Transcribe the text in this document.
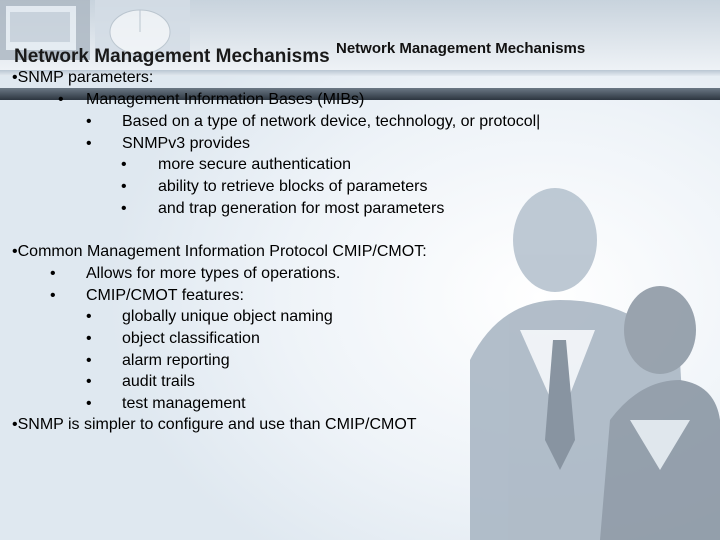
Network Management Mechanisms Network Management Mechanisms
•SNMP parameters:
• Management Information Bases (MIBs)
• Based on a type of network device, technology, or protocol|
• SNMPv3 provides
• more secure authentication
• ability to retrieve blocks of parameters
• and trap generation for most parameters
•Common Management Information Protocol CMIP/CMOT:
• Allows for more types of operations.
• CMIP/CMOT features:
• globally unique object naming
• object classification
• alarm reporting
• audit trails
• test management
•SNMP is simpler to configure and use than CMIP/CMOT
